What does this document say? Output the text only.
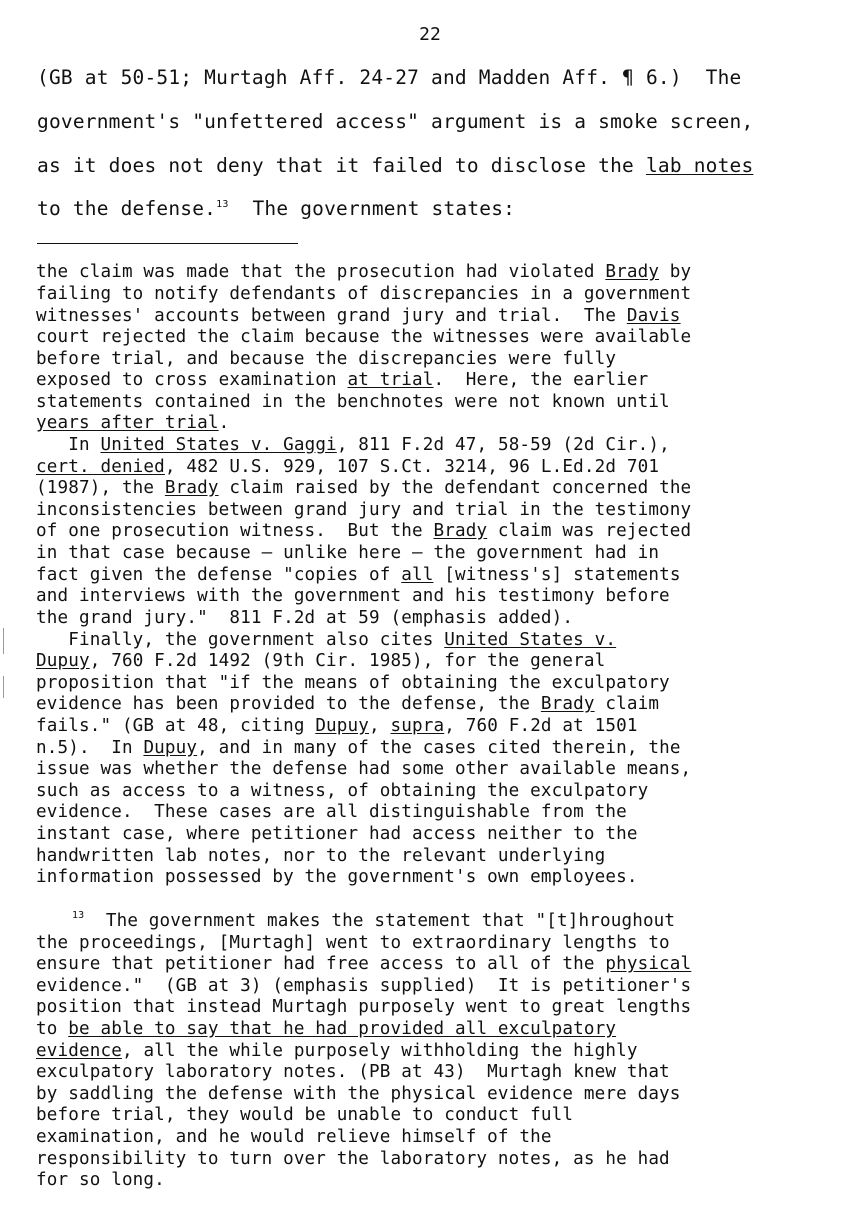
22
(GB at 50-51; Murtagh Aff. 24-27 and Madden Aff. ¶ 6.)  The
government's "unfettered access" argument is a smoke screen,
as it does not deny that it failed to disclose the lab notes
to the defense.$^{13}$  The government states:
the claim was made that the prosecution had violated Brady by
failing to notify defendants of discrepancies in a government
witnesses' accounts between grand jury and trial.  The Davis
court rejected the claim because the witnesses were available
before trial, and because the discrepancies were fully
exposed to cross examination at trial.  Here, the earlier
statements contained in the benchnotes were not known until
years after trial.
In United States v. Gaggi, 811 F.2d 47, 58-59 (2d Cir.),
cert. denied, 482 U.S. 929, 107 S.Ct. 3214, 96 L.Ed.2d 701
(1987), the Brady claim raised by the defendant concerned the
inconsistencies between grand jury and trial in the testimony
of one prosecution witness.  But the Brady claim was rejected
in that case because — unlike here — the government had in
fact given the defense "copies of all [witness's] statements
and interviews with the government and his testimony before
the grand jury."  811 F.2d at 59 (emphasis added).
Finally, the government also cites United States v.
Dupuy, 760 F.2d 1492 (9th Cir. 1985), for the general
proposition that "if the means of obtaining the exculpatory
evidence has been provided to the defense, the Brady claim
fails." (GB at 48, citing Dupuy, supra, 760 F.2d at 1501
n.5).  In Dupuy, and in many of the cases cited therein, the
issue was whether the defense had some other available means,
such as access to a witness, of obtaining the exculpatory
evidence.  These cases are all distinguishable from the
instant case, where petitioner had access neither to the
handwritten lab notes, nor to the relevant underlying
information possessed by the government's own employees.
$^{13}$  The government makes the statement that "[t]hroughout
the proceedings, [Murtagh] went to extraordinary lengths to
ensure that petitioner had free access to all of the physical
evidence."  (GB at 3) (emphasis supplied)  It is petitioner's
position that instead Murtagh purposely went to great lengths
to be able to say that he had provided all exculpatory
evidence, all the while purposely withholding the highly
exculpatory laboratory notes. (PB at 43)  Murtagh knew that
by saddling the defense with the physical evidence mere days
before trial, they would be unable to conduct full
examination, and he would relieve himself of the
responsibility to turn over the laboratory notes, as he had
for so long.
